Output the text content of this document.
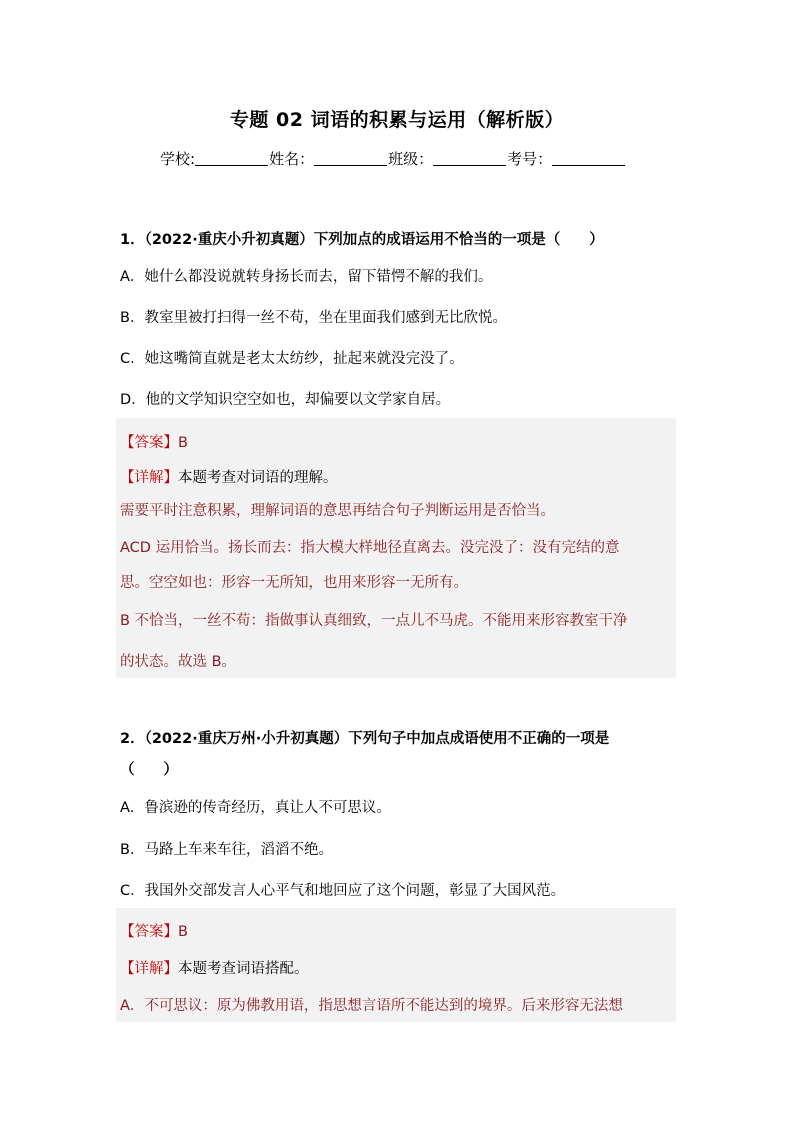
专题 02 词语的积累与运用（解析版）
学校:	姓名：	班级：	考号：
1．（2022·重庆小升初真题）下列加点的成语运用不恰当的一项是（　　）
A．她什么都没说就转身扬长而去，留下错愕不解的我们。
B．教室里被打扫得一丝不苟，坐在里面我们感到无比欣悦。
C．她这嘴简直就是老太太纺纱，扯起来就没完没了。
D．他的文学知识空空如也，却偏要以文学家自居。
【答案】B
【详解】本题考查对词语的理解。
需要平时注意积累，理解词语的意思再结合句子判断运用是否恰当。
ACD 运用恰当。扬长而去：指大模大样地径直离去。没完没了：没有完结的意
思。空空如也：形容一无所知，也用来形容一无所有。
B 不恰当，一丝不苟：指做事认真细致，一点儿不马虎。不能用来形容教室干净
的状态。故选 B。
2．（2022·重庆万州·小升初真题）下列句子中加点成语使用不正确的一项是
（　　）
A．鲁滨逊的传奇经历，真让人不可思议。
B．马路上车来车往，滔滔不绝。
C．我国外交部发言人心平气和地回应了这个问题，彰显了大国风范。
【答案】B
【详解】本题考查词语搭配。
A．不可思议：原为佛教用语，指思想言语所不能达到的境界。后来形容无法想
